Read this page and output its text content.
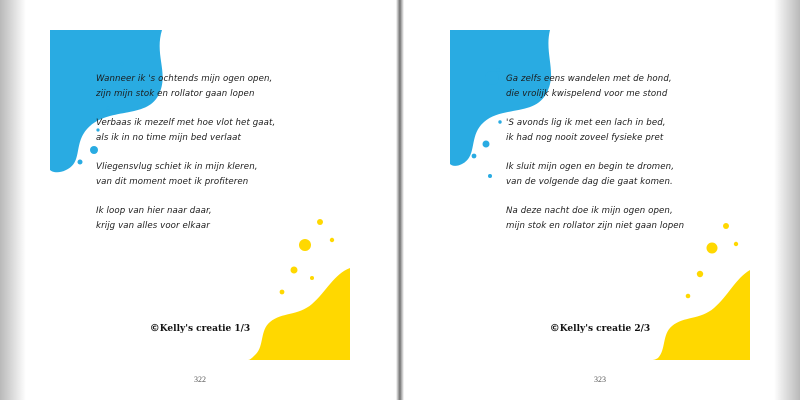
Wanneer ik 's ochtends mijn ogen open,
zijn mijn stok en rollator gaan lopen
Verbaas ik mezelf met hoe vlot het gaat,
als ik in no time mijn bed verlaat
Vliegensvlug schiet ik in mijn kleren,
van dit moment moet ik profiteren
Ik loop van hier naar daar,
krijg van alles voor elkaar
©Kelly's creatie 1/3
322
Ga zelfs eens wandelen met de hond,
die vrolijk kwispelend voor me stond
'S avonds lig ik met een lach in bed,
ik had nog nooit zoveel fysieke pret
Ik sluit mijn ogen en begin te dromen,
van de volgende dag die gaat komen.
Na deze nacht doe ik mijn ogen open,
mijn stok en rollator zijn niet gaan lopen
©Kelly's creatie 2/3
323
